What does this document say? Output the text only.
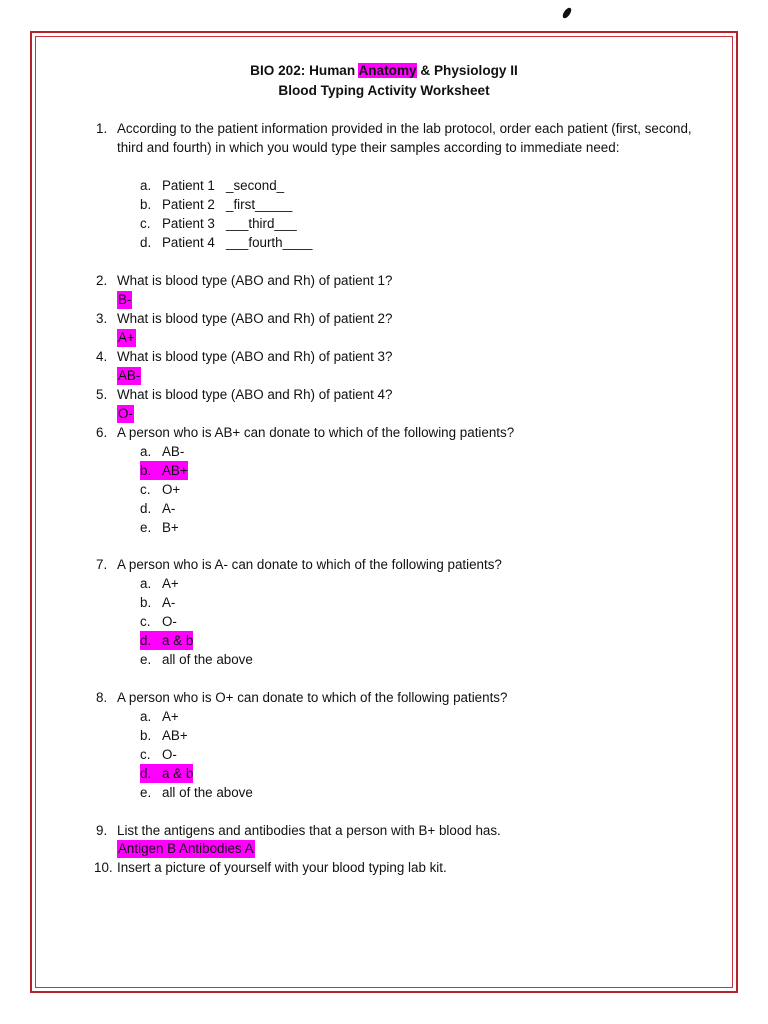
BIO 202: Human Anatomy & Physiology II
Blood Typing Activity Worksheet
1. According to the patient information provided in the lab protocol, order each patient (first, second, third and fourth) in which you would type their samples according to immediate need:
a. Patient 1   _second_
b. Patient 2   _first_____
c. Patient 3   ___third___
d. Patient 4   ___fourth____
2. What is blood type (ABO and Rh) of patient 1?
B-
3. What is blood type (ABO and Rh) of patient 2?
A+
4. What is blood type (ABO and Rh) of patient 3?
AB-
5. What is blood type (ABO and Rh) of patient 4?
O-
6. A person who is AB+ can donate to which of the following patients?
a. AB-
b. AB+
c. O+
d. A-
e. B+
7. A person who is A- can donate to which of the following patients?
a. A+
b. A-
c. O-
d. a & b
e. all of the above
8. A person who is O+ can donate to which of the following patients?
a. A+
b. AB+
c. O-
d. a & b
e. all of the above
9. List the antigens and antibodies that a person with B+ blood has.
Antigen B Antibodies A
10. Insert a picture of yourself with your blood typing lab kit.
